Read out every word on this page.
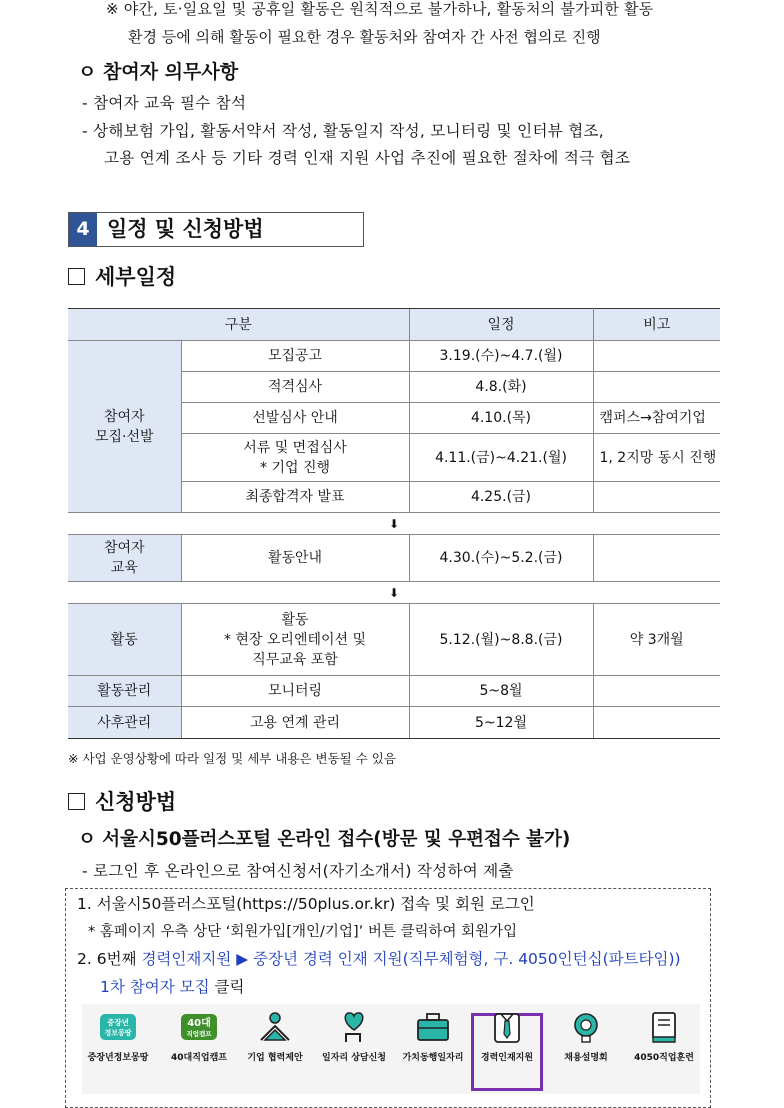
※ 야간, 토·일요일 및 공휴일 활동은 원칙적으로 불가하나, 활동처의 불가피한 활동
환경 등에 의해 활동이 필요한 경우 활동처와 참여자 간 사전 협의로 진행
ㅇ 참여자 의무사항
- 참여자 교육 필수 참석
- 상해보험 가입, 활동서약서 작성, 활동일지 작성, 모니터링 및 인터뷰 협조,
고용 연계 조사 등 기타 경력 인재 지원 사업 추진에 필요한 절차에 적극 협조
4 일정 및 신청방법
세부일정
구분		일정	비고

참여자
모집·선발	모집공고	3.19.(수)~4.7.(월)	
	적격심사	4.8.(화)	
	선발심사 안내	4.10.(목)	캠퍼스→참여기업

	서류 및 면접심사
* 기업 진행	4.11.(금)~4.21.(월)	1, 2지망 동시 진행
	최종합격자 발표	4.25.(금)	
⬇			

참여자
교육	활동안내	4.30.(수)~5.2.(금)	
⬇			
활동	활동
* 현장 오리엔테이션 및
직무교육 포함	5.12.(월)~8.8.(금)	약 3개월
활동관리	모니터링	5~8월	
사후관리	고용 연계 관리	5~12월	
※ 사업 운영상황에 따라 일정 및 세부 내용은 변동될 수 있음
신청방법
ㅇ 서울시50플러스포털 온라인 접수(방문 및 우편접수 불가)
- 로그인 후 온라인으로 참여신청서(자기소개서) 작성하여 제출
1. 서울시50플러스포털(https://50plus.or.kr) 접속 및 회원 로그인
* 홈페이지 우측 상단 ‘회원가입[개인/기업]’ 버튼 클릭하여 회원가입
2. 6번째 경력인재지원 ▶ 중장년 경력 인재 지원(직무체험형, 구. 4050인턴십(파트타임))
1차 참여자 모집 클릭
중장년
정보몽땅
중장년정보몽땅
40대
직업캠프
40대직업캠프	기업 협력제안	일자리 상담신청	가치동행일자리	경력인재지원	채용설명회	4050직업훈련
